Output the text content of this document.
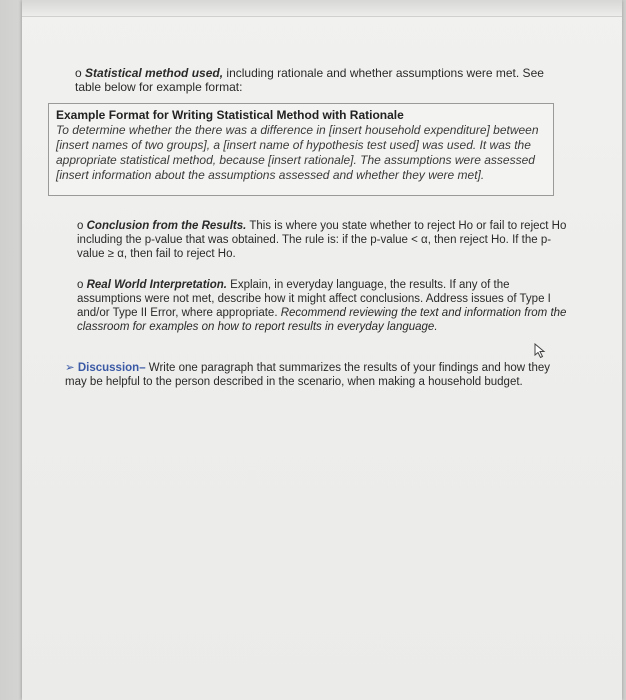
o Statistical method used, including rationale and whether assumptions were met. See table below for example format:
Example Format for Writing Statistical Method with Rationale
To determine whether the there was a difference in [insert household expenditure] between [insert names of two groups], a [insert name of hypothesis test used] was used. It was the appropriate statistical method, because [insert rationale]. The assumptions were assessed [insert information about the assumptions assessed and whether they were met].
o Conclusion from the Results. This is where you state whether to reject Ho or fail to reject Ho including the p-value that was obtained. The rule is: if the p-value < α, then reject Ho. If the p-value ≥ α, then fail to reject Ho.
o Real World Interpretation. Explain, in everyday language, the results. If any of the assumptions were not met, describe how it might affect conclusions. Address issues of Type I and/or Type II Error, where appropriate. Recommend reviewing the text and information from the classroom for examples on how to report results in everyday language.
➢ Discussion– Write one paragraph that summarizes the results of your findings and how they may be helpful to the person described in the scenario, when making a household budget.
